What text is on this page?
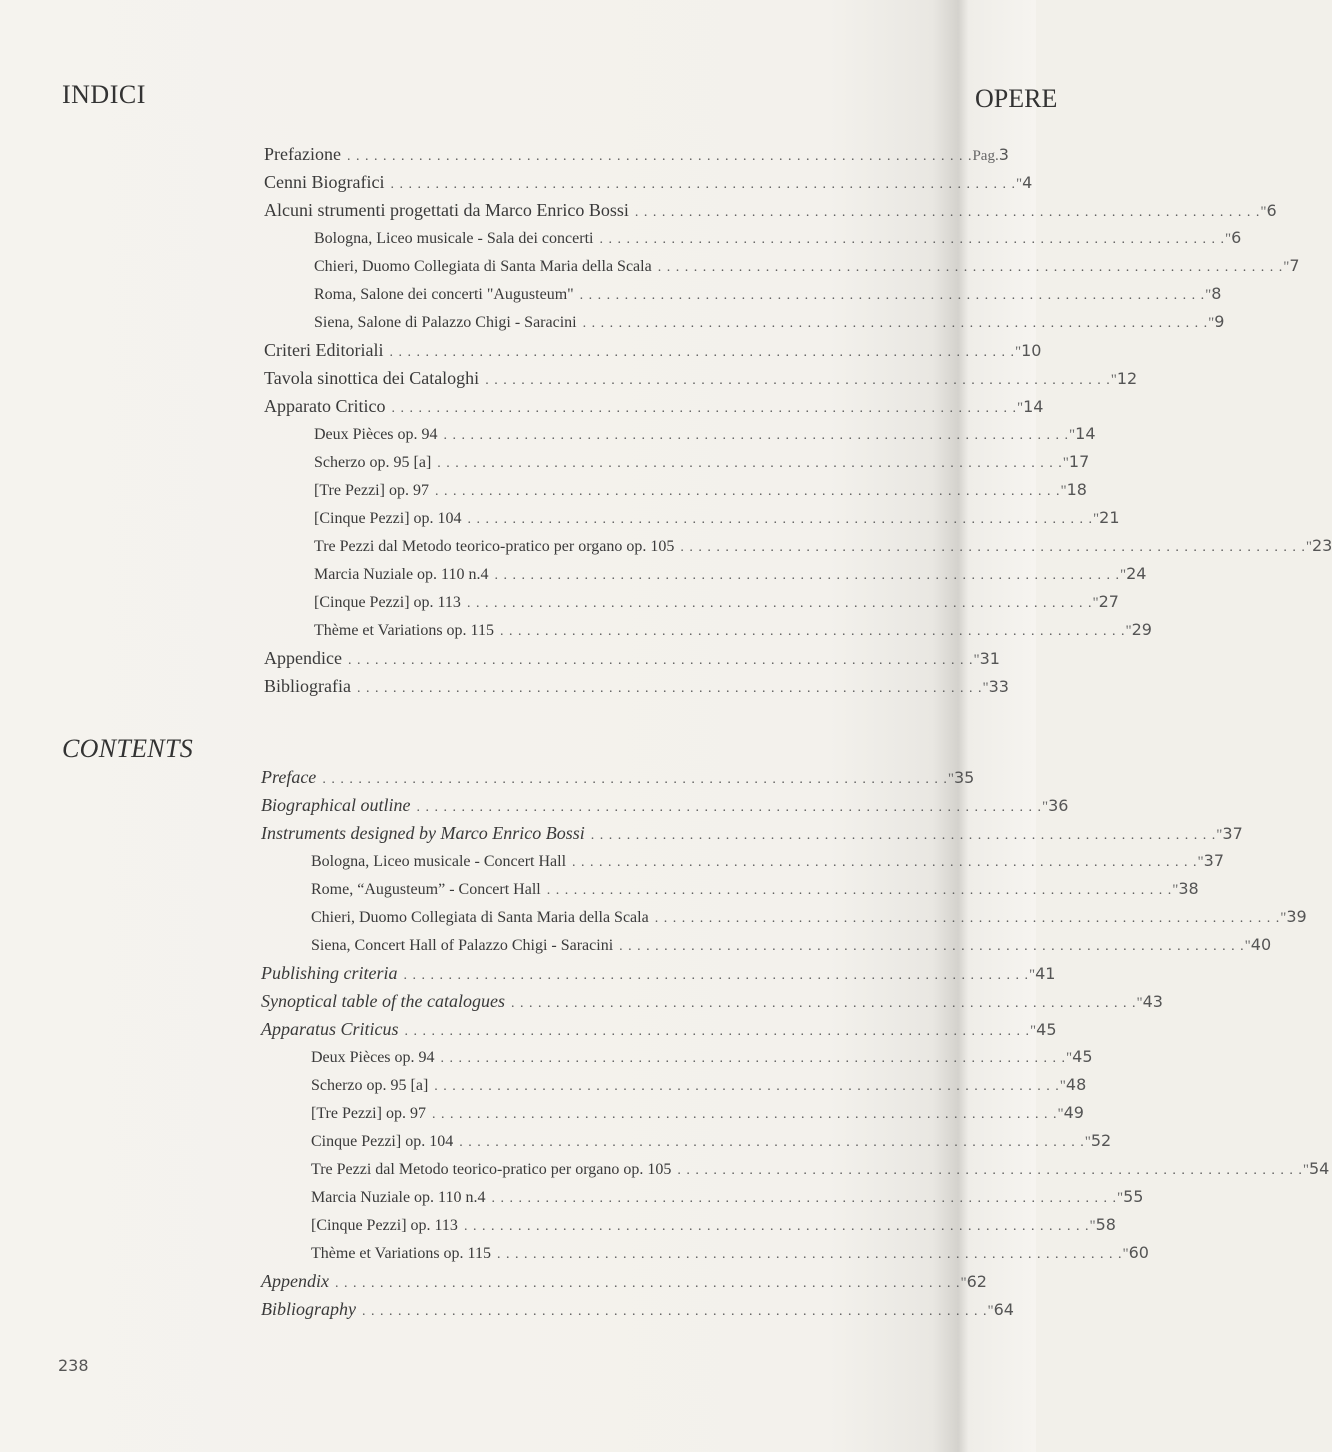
INDICI	OPERE
Prefazione . . .	Pag. 3
Cenni Biografici . . .	" 4
Alcuni strumenti progettati da Marco Enrico Bossi . . .	" 6
Bologna, Liceo musicale - Sala dei concerti . . .	" 6
Chieri, Duomo Collegiata di Santa Maria della Scala . . .	" 7
Roma, Salone dei concerti "Augusteum" . . .	" 8
Siena, Salone di Palazzo Chigi - Saracini . . .	" 9
Criteri Editoriali . . .	" 10
Tavola sinottica dei Cataloghi . . .	" 12
Apparato Critico . . .	" 14
Deux Pièces op. 94 . . .	" 14
Scherzo op. 95 [a] . . .	" 17
[Tre Pezzi] op. 97 . . .	" 18
[Cinque Pezzi] op. 104 . . .	" 21
Tre Pezzi dal Metodo teorico-pratico per organo op. 105 . . .	" 23
Marcia Nuziale op. 110 n.4 . . .	" 24
[Cinque Pezzi] op. 113 . . .	" 27
Thème et Variations op. 115 . . .	" 29
Appendice . . .	" 31
Bibliografia . . .	" 33
CONTENTS
Preface . . .	" 35
Biographical outline . . .	" 36
Instruments designed by Marco Enrico Bossi . . .	" 37
Bologna, Liceo musicale - Concert Hall . . .	" 37
Rome, “Augusteum” - Concert Hall . . .	" 38
Chieri, Duomo Collegiata di Santa Maria della Scala . . .	" 39
Siena, Concert Hall of Palazzo Chigi - Saracini . . .	" 40
Publishing criteria . . .	" 41
Synoptical table of the catalogues . . .	" 43
Apparatus Criticus . . .	" 45
Deux Pièces op. 94 . . .	" 45
Scherzo op. 95 [a] . . .	" 48
[Tre Pezzi] op. 97 . . .	" 49
Cinque Pezzi] op. 104 . . .	" 52
Tre Pezzi dal Metodo teorico-pratico per organo op. 105 . . .	" 54
Marcia Nuziale op. 110 n.4 . . .	" 55
[Cinque Pezzi] op. 113 . . .	" 58
Thème et Variations op. 115 . . .	" 60
Appendix . . .	" 62
Bibliography . . .	" 64
238
